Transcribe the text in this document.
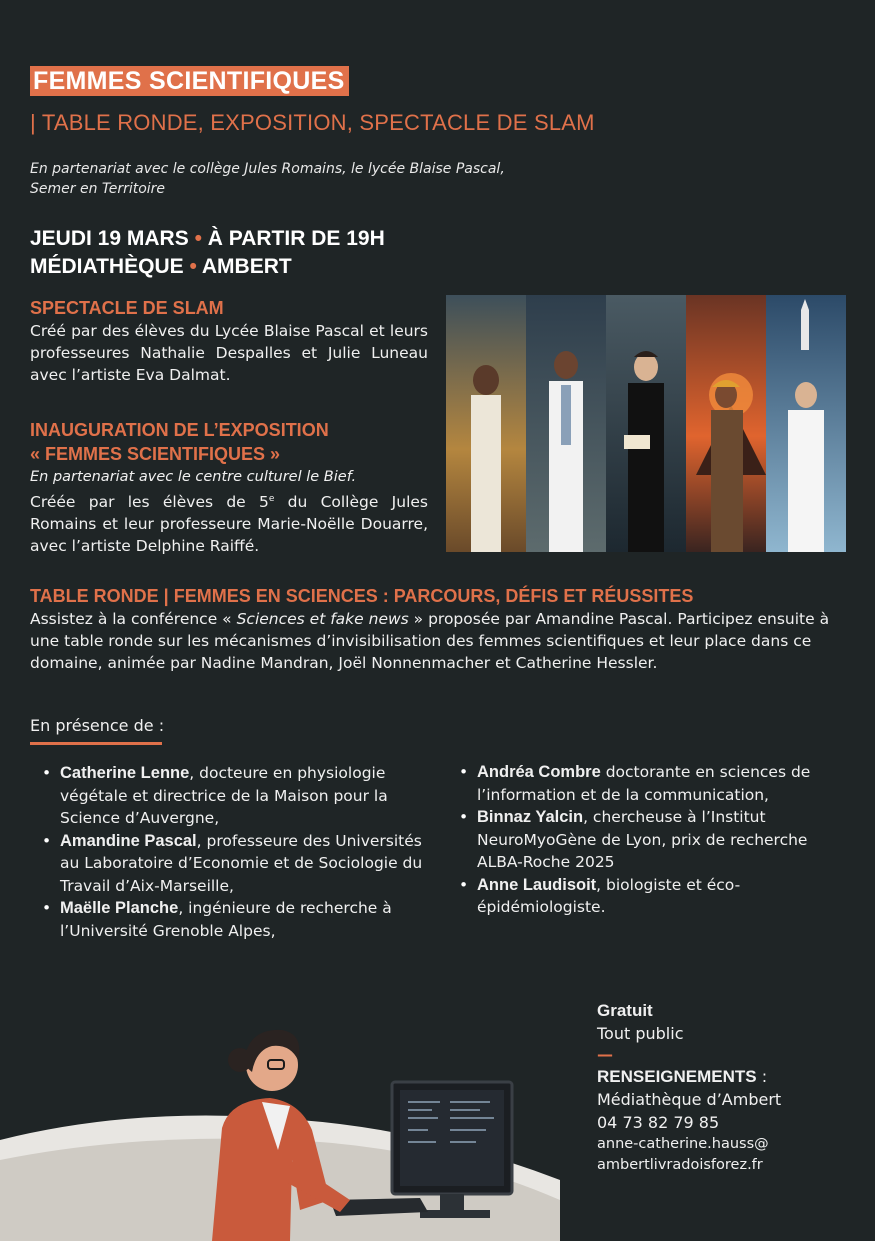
FEMMES SCIENTIFIQUES
| TABLE RONDE, EXPOSITION, SPECTACLE DE SLAM
En partenariat avec le collège Jules Romains, le lycée Blaise Pascal,
Semer en Territoire
JEUDI 19 MARS • À PARTIR DE 19H
MÉDIATHÈQUE • AMBERT
SPECTACLE DE SLAM
Créé par des élèves du Lycée Blaise Pascal et leurs professeures Nathalie Despalles et Julie Luneau avec l’artiste Eva Dalmat.
INAUGURATION DE L’EXPOSITION
« FEMMES SCIENTIFIQUES »
En partenariat avec le centre culturel le Bief.
Créée par les élèves de 5e du Collège Jules Romains et leur professeure Marie-Noëlle Douarre, avec l’artiste Delphine Raiffé.
TABLE RONDE | FEMMES EN SCIENCES : PARCOURS, DÉFIS ET RÉUSSITES
Assistez à la conférence « Sciences et fake news » proposée par Amandine Pascal. Participez ensuite à une table ronde sur les mécanismes d’invisibilisation des femmes scientifiques et leur place dans ce domaine, animée par Nadine Mandran, Joël Nonnenmacher et Catherine Hessler.
En présence de :
• Catherine Lenne, docteure en physiologie végétale et directrice de la Maison pour la Science d’Auvergne,
• Amandine Pascal, professeure des Universités au Laboratoire d’Economie et de Sociologie du Travail d’Aix-Marseille,
• Maëlle Planche, ingénieure de recherche à l’Université Grenoble Alpes,
• Andréa Combre doctorante en sciences de l’information et de la communication,
• Binnaz Yalcin, chercheuse à l’Institut NeuroMyoGène de Lyon, prix de recherche ALBA-Roche 2025
• Anne Laudisoit, biologiste et éco-épidémiologiste.
Gratuit
Tout public
—
RENSEIGNEMENTS :
Médiathèque d’Ambert
04 73 82 79 85
anne-catherine.hauss@
ambertlivradoisforez.fr
